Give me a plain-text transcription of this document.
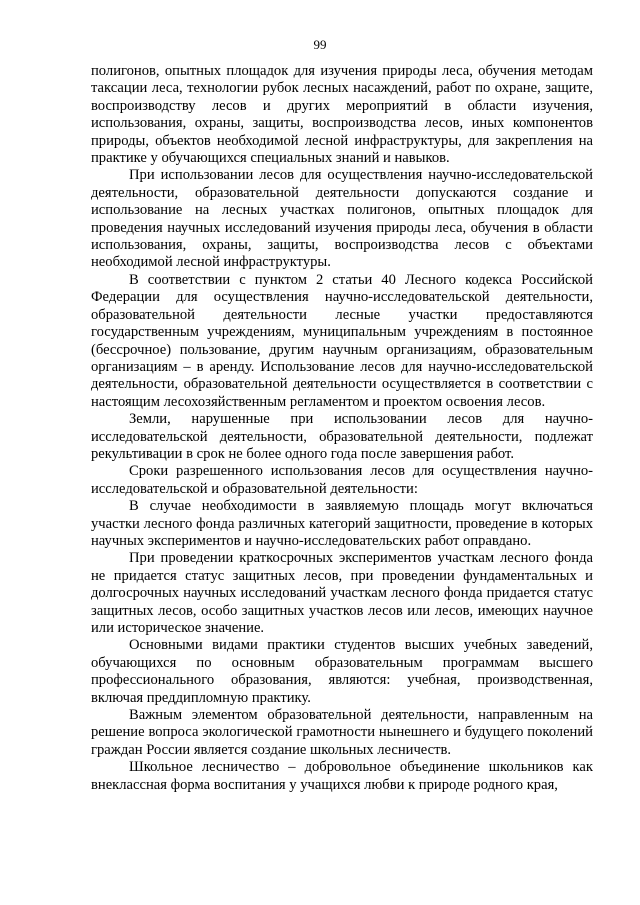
99

полигонов, опытных площадок для изучения природы леса, обучения методам таксации леса, технологии рубок лесных насаждений, работ по охране, защите, воспроизводству лесов и других мероприятий в области изучения, использования, охраны, защиты, воспроизводства лесов, иных компонентов природы, объектов необходимой лесной инфраструктуры, для закрепления на практике у обучающихся специальных знаний и навыков.

При использовании лесов для осуществления научно-исследовательской деятельности, образовательной деятельности допускаются создание и использование на лесных участках полигонов, опытных площадок для проведения научных исследований изучения природы леса, обучения в области использования, охраны, защиты, воспроизводства лесов с объектами необходимой лесной инфраструктуры.

В соответствии с пунктом 2 статьи 40 Лесного кодекса Российской Федерации для осуществления научно-исследовательской деятельности, образовательной деятельности лесные участки предоставляются государственным учреждениям, муниципальным учреждениям в постоянное (бессрочное) пользование, другим научным организациям, образовательным организациям – в аренду. Использование лесов для научно-исследовательской деятельности, образовательной деятельности осуществляется в соответствии с настоящим лесохозяйственным регламентом и проектом освоения лесов.

Земли, нарушенные при использовании лесов для научно-исследовательской деятельности, образовательной деятельности, подлежат рекультивации в срок не более одного года после завершения работ.

Сроки разрешенного использования лесов для осуществления научно-исследовательской и образовательной деятельности:

В случае необходимости в заявляемую площадь могут включаться участки лесного фонда различных категорий защитности, проведение в которых научных экспериментов и научно-исследовательских работ оправдано.

При проведении краткосрочных экспериментов участкам лесного фонда не придается статус защитных лесов, при проведении фундаментальных и долгосрочных научных исследований участкам лесного фонда придается статус защитных лесов, особо защитных участков лесов или лесов, имеющих научное или историческое значение.

Основными видами практики студентов высших учебных заведений, обучающихся по основным образовательным программам высшего профессионального образования, являются: учебная, производственная, включая преддипломную практику.

Важным элементом образовательной деятельности, направленным на решение вопроса экологической грамотности нынешнего и будущего поколений граждан России является создание школьных лесничеств.

Школьное лесничество – добровольное объединение школьников как внеклассная форма воспитания у учащихся любви к природе родного края,
